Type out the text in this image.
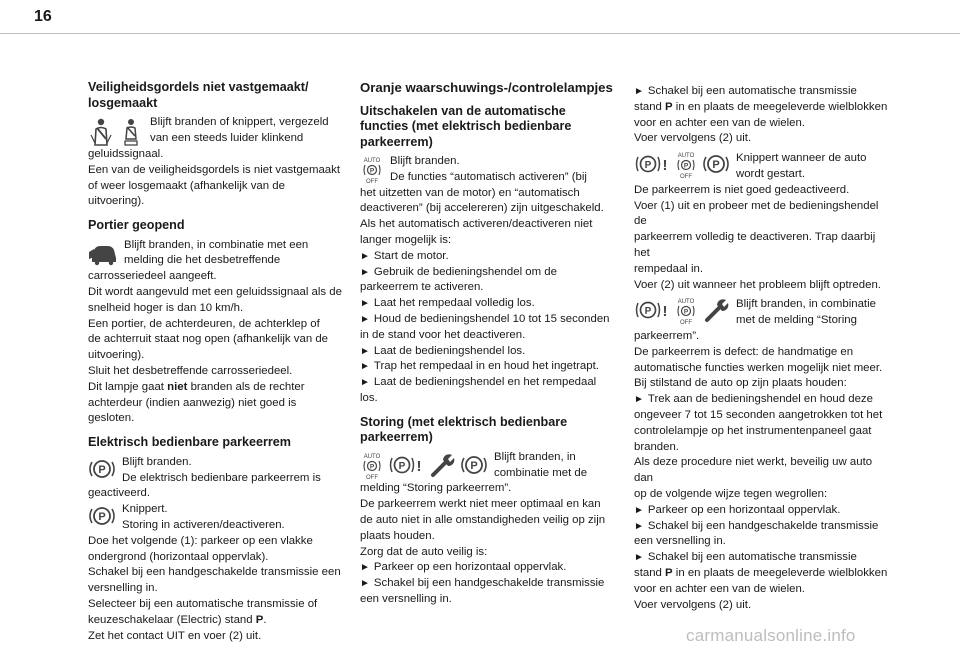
16
Veiligheidsgordels niet vastgemaakt/ losgemaakt

Blijft branden of knippert, vergezeld

van een steeds luider klinkend

geluidssignaal.

Een van de veiligheidsgordels is niet vastgemaakt

of weer losgemaakt (afhankelijk van de uitvoering).

Portier geopend

Blijft branden, in combinatie met een

melding die het desbetreffende

carrosseriedeel aangeeft.

Dit wordt aangevuld met een geluidssignaal als de

snelheid hoger is dan 10 km/h.

Een portier, de achterdeuren, de achterklep of

de achterruit staat nog open (afhankelijk van de

uitvoering).

Sluit het desbetreffende carrosseriedeel.

Dit lampje gaat niet branden als de rechter

achterdeur (indien aanwezig) niet goed is gesloten.

Elektrisch bedienbare parkeerrem
P

Blijft branden.

De elektrisch bedienbare parkeerrem is

geactiveerd.

P

Knippert.

Storing in activeren/deactiveren.

Doe het volgende (1): parkeer op een vlakke

ondergrond (horizontaal oppervlak).

Schakel bij een handgeschakelde transmissie een

versnelling in.

Selecteer bij een automatische transmissie of

keuzeschakelaar (Electric) stand P.

Zet het contact UIT en voer (2) uit.

Oranje waarschuwings-/controlelampjes
Uitschakelen van de automatische functies (met elektrisch bedienbare parkeerrem)
AUTO
P
OFF

Blijft branden.

De functies “automatisch activeren” (bij

het uitzetten van de motor) en “automatisch

deactiveren” (bij accelereren) zijn uitgeschakeld.

Als het automatisch activeren/deactiveren niet

langer mogelijk is:

► Start de motor.

► Gebruik de bedieningshendel om de

parkeerrem te activeren.

► Laat het rempedaal volledig los.

► Houd de bedieningshendel 10 tot 15 seconden

in de stand voor het deactiveren.

► Laat de bedieningshendel los.

► Trap het rempedaal in en houd het ingetrapt.

► Laat de bedieningshendel en het rempedaal los.

Storing (met elektrisch bedienbare parkeerrem)
AUTO
P
OFF
P !	P

Blijft branden, in

combinatie met de

melding “Storing parkeerrem”.

De parkeerrem werkt niet meer optimaal en kan

de auto niet in alle omstandigheden veilig op zijn

plaats houden.

Zorg dat de auto veilig is:

► Parkeer op een horizontaal oppervlak.

► Schakel bij een handgeschakelde transmissie

een versnelling in.

► Schakel bij een automatische transmissie

stand P in en plaats de meegeleverde wielblokken

voor en achter een van de wielen.

Voer vervolgens (2) uit.

P !
AUTO
P
OFF
P

Knippert wanneer de auto

wordt gestart.

De parkeerrem is niet goed gedeactiveerd.

Voer (1) uit en probeer met de bedieningshendel de

parkeerrem volledig te deactiveren. Trap daarbij het

rempedaal in.

Voer (2) uit wanneer het probleem blijft optreden.

P !
AUTO
P
OFF

Blijft branden, in combinatie

met de melding “Storing

parkeerrem”.

De parkeerrem is defect: de handmatige en

automatische functies werken mogelijk niet meer.

Bij stilstand de auto op zijn plaats houden:

► Trek aan de bedieningshendel en houd deze

ongeveer 7 tot 15 seconden aangetrokken tot het

controlelampje op het instrumentenpaneel gaat

branden.

Als deze procedure niet werkt, beveilig uw auto dan

op de volgende wijze tegen wegrollen:

► Parkeer op een horizontaal oppervlak.

► Schakel bij een handgeschakelde transmissie

een versnelling in.

► Schakel bij een automatische transmissie

stand P in en plaats de meegeleverde wielblokken

voor en achter een van de wielen.

Voer vervolgens (2) uit.

carmanualsonline.info
